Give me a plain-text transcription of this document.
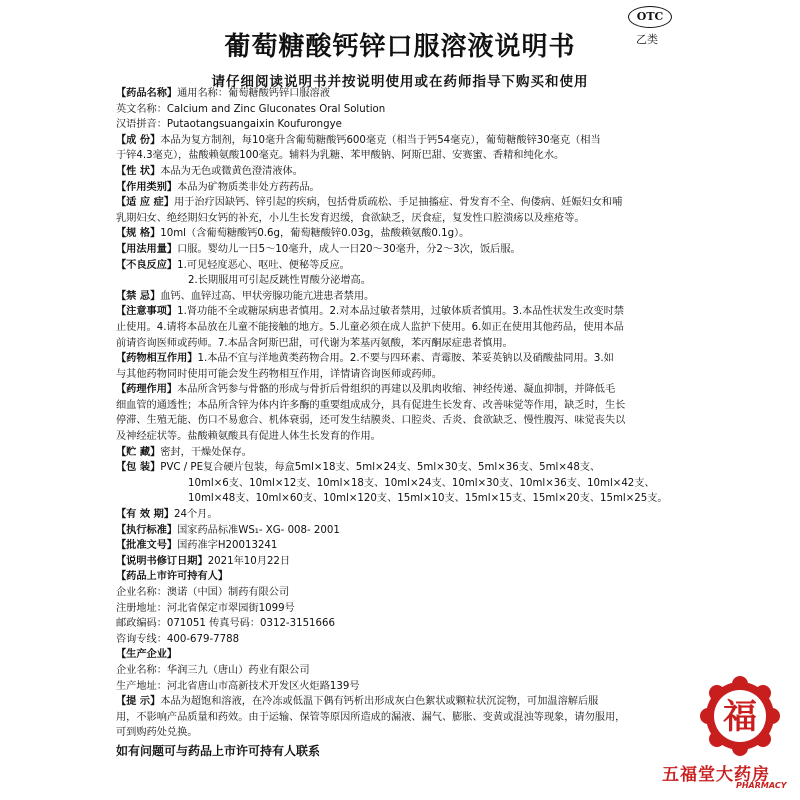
OTC
乙类
葡萄糖酸钙锌口服溶液说明书
请仔细阅读说明书并按说明使用或在药师指导下购买和使用
【药品名称】通用名称：葡萄糖酸钙锌口服溶液
英文名称：Calcium and Zinc Gluconates Oral Solution
汉语拼音：Putaotangsuangaixin Koufurongye
【成 份】本品为复方制剂，每10毫升含葡萄糖酸钙600毫克（相当于钙54毫克），葡萄糖酸锌30毫克（相当
于锌4.3毫克），盐酸赖氨酸100毫克。辅料为乳糖、苯甲酸钠、阿斯巴甜、安赛蜜、香精和纯化水。
【性 状】本品为无色或微黄色澄清液体。
【作用类别】本品为矿物质类非处方药药品。
【适 应 症】用于治疗因缺钙、锌引起的疾病，包括骨质疏松、手足抽搐症、骨发育不全、佝偻病、妊娠妇女和哺
乳期妇女、绝经期妇女钙的补充，小儿生长发育迟缓，食欲缺乏，厌食症，复发性口腔溃疡以及痤疮等。
【规 格】10ml（含葡萄糖酸钙0.6g，葡萄糖酸锌0.03g，盐酸赖氨酸0.1g）。
【用法用量】口服。婴幼儿一日5～10毫升，成人一日20～30毫升，分2～3次，饭后服。
【不良反应】1.可见轻度恶心、呕吐、便秘等反应。
2.长期服用可引起反跳性胃酸分泌增高。
【禁 忌】血钙、血锌过高、甲状旁腺功能亢进患者禁用。
【注意事项】1.肾功能不全或糖尿病患者慎用。2.对本品过敏者禁用，过敏体质者慎用。3.本品性状发生改变时禁
止使用。4.请将本品放在儿童不能接触的地方。5.儿童必须在成人监护下使用。6.如正在使用其他药品，使用本品
前请咨询医师或药师。7.本品含阿斯巴甜，可代谢为苯基丙氨酸，苯丙酮尿症患者慎用。
【药物相互作用】1.本品不宜与洋地黄类药物合用。2.不要与四环素、青霉胺、苯妥英钠以及硝酸盐同用。3.如
与其他药物同时使用可能会发生药物相互作用，详情请咨询医师或药师。
【药理作用】本品所含钙参与骨骼的形成与骨折后骨组织的再建以及肌肉收缩、神经传递、凝血抑制，并降低毛
细血管的通透性；本品所含锌为体内许多酶的重要组成成分，具有促进生长发育、改善味觉等作用，缺乏时，生长
停滞、生殖无能、伤口不易愈合、机体衰弱，还可发生结膜炎、口腔炎、舌炎、食欲缺乏、慢性腹泻、味觉丧失以
及神经症状等。盐酸赖氨酸具有促进人体生长发育的作用。
【贮 藏】密封，干燥处保存。
【包 装】PVC / PE复合硬片包装，每盒5ml×18支、5ml×24支、5ml×30支、5ml×36支、5ml×48支、
10ml×6支、10ml×12支、10ml×18支、10ml×24支、10ml×30支、10ml×36支、10ml×42支、
10ml×48支、10ml×60支、10ml×120支、15ml×10支、15ml×15支、15ml×20支、15ml×25支。
【有 效 期】24个月。
【执行标准】国家药品标准WS₁- XG- 008- 2001
【批准文号】国药准字H20013241
【说明书修订日期】2021年10月22日
【药品上市许可持有人】
企业名称：澳诺（中国）制药有限公司
注册地址：河北省保定市翠园街1099号
邮政编码：071051 传真号码：0312-3151666
咨询专线：400-679-7788
【生产企业】
企业名称：华润三九（唐山）药业有限公司
生产地址：河北省唐山市高新技术开发区火炬路139号
【提 示】本品为超饱和溶液，在冷冻或低温下偶有钙析出形成灰白色絮状或颗粒状沉淀物，可加温溶解后服
用，不影响产品质量和药效。由于运输、保管等原因所造成的漏液、漏气、膨胀、变黄或混浊等现象，请勿服用，
可到购药处兑换。
如有问题可与药品上市许可持有人联系
福
五福堂大药房
PHARMACY
